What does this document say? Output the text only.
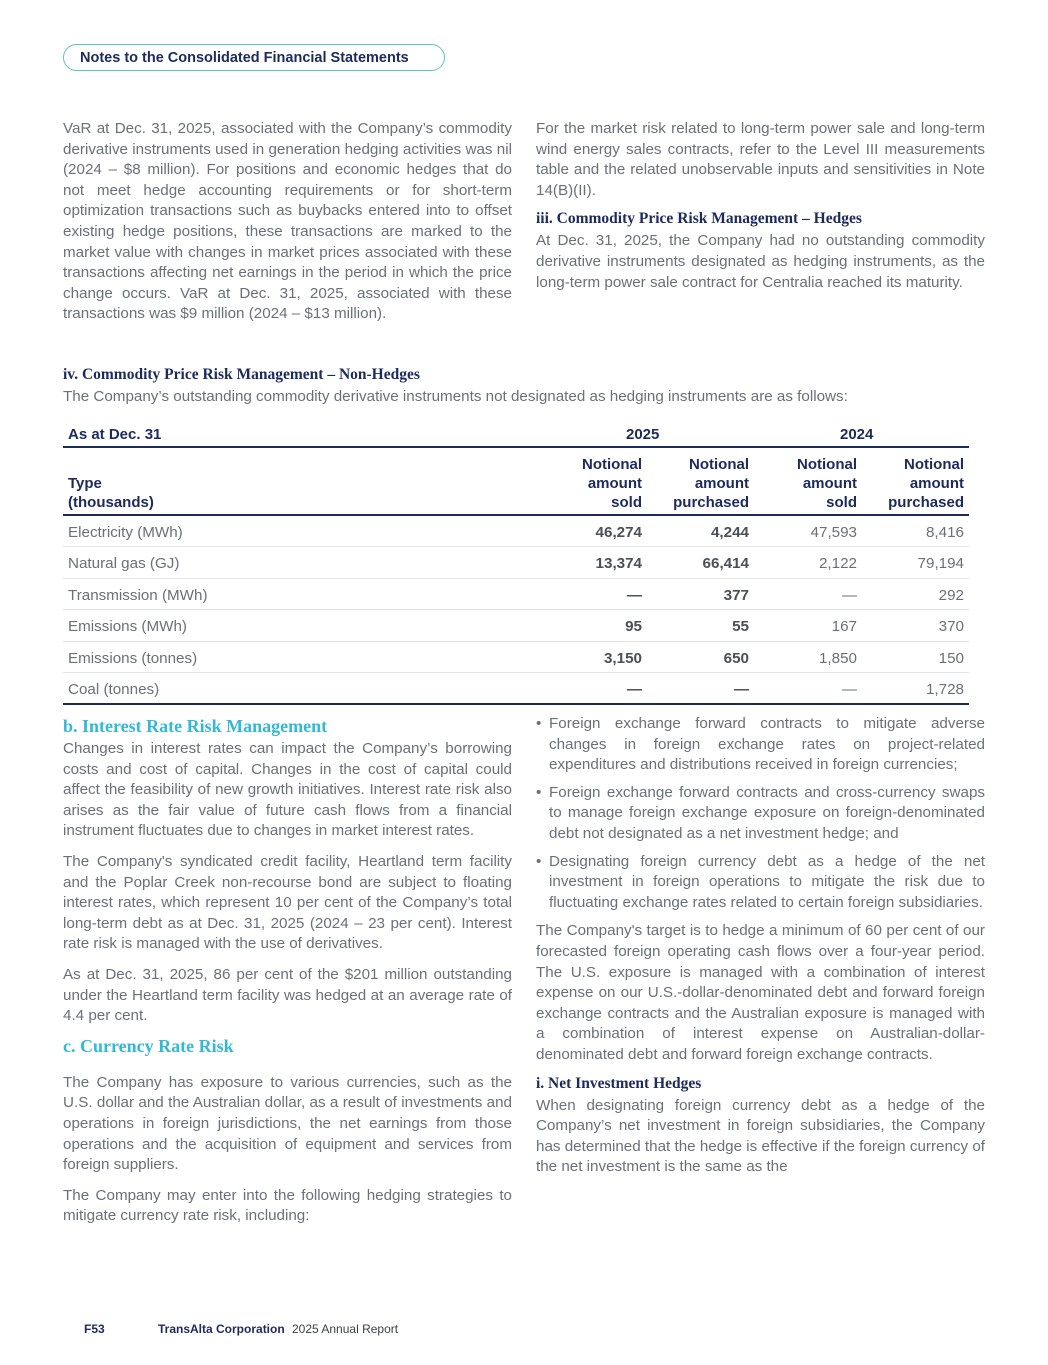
Notes to the Consolidated Financial Statements

VaR at Dec. 31, 2025, associated with the Company’s commodity derivative instruments used in generation hedging activities was nil (2024 – $8 million). For positions and economic hedges that do not meet hedge accounting requirements or for short-term optimization transactions such as buybacks entered into to offset existing hedge positions, these transactions are marked to the market value with changes in market prices associated with these transactions affecting net earnings in the period in which the price change occurs. VaR at Dec. 31, 2025, associated with these transactions was $9 million (2024 – $13 million).

For the market risk related to long-term power sale and long-term wind energy sales contracts, refer to the Level III measurements table and the related unobservable inputs and sensitivities in Note 14(B)(II).

iii. Commodity Price Risk Management – Hedges

At Dec. 31, 2025, the Company had no outstanding commodity derivative instruments designated as hedging instruments, as the long-term power sale contract for Centralia reached its maturity.

iv. Commodity Price Risk Management – Non-Hedges

The Company’s outstanding commodity derivative instruments not designated as hedging instruments are as follows:

As at Dec. 31	2025	2024
Type
(thousands)
Notional
amount
sold
Notional
amount
purchased
Notional
amount
sold
Notional
amount
purchased
Electricity (MWh)	46,274	4,244	47,593	8,416
Natural gas (GJ)	13,374	66,414	2,122	79,194
Transmission (MWh)	—	377	—	292
Emissions (MWh)	95	55	167	370
Emissions (tonnes)	3,150	650	1,850	150
Coal (tonnes)	—	—	—	1,728
b. Interest Rate Risk Management

Changes in interest rates can impact the Company’s borrowing costs and cost of capital. Changes in the cost of capital could affect the feasibility of new growth initiatives. Interest rate risk also arises as the fair value of future cash flows from a financial instrument fluctuates due to changes in market interest rates.

The Company's syndicated credit facility, Heartland term facility and the Poplar Creek non-recourse bond are subject to floating interest rates, which represent 10 per cent of the Company’s total long-term debt as at Dec. 31, 2025 (2024 – 23 per cent). Interest rate risk is managed with the use of derivatives.

As at Dec. 31, 2025, 86 per cent of the $201 million outstanding under the Heartland term facility was hedged at an average rate of 4.4 per cent.

c. Currency Rate Risk

The Company has exposure to various currencies, such as the U.S. dollar and the Australian dollar, as a result of investments and operations in foreign jurisdictions, the net earnings from those operations and the acquisition of equipment and services from foreign suppliers.

The Company may enter into the following hedging strategies to mitigate currency rate risk, including:

• Foreign exchange forward contracts to mitigate adverse changes in foreign exchange rates on project-related expenditures and distributions received in foreign currencies;
• Foreign exchange forward contracts and cross-currency swaps to manage foreign exchange exposure on foreign-denominated debt not designated as a net investment hedge; and
• Designating foreign currency debt as a hedge of the net investment in foreign operations to mitigate the risk due to fluctuating exchange rates related to certain foreign subsidiaries.

The Company's target is to hedge a minimum of 60 per cent of our forecasted foreign operating cash flows over a four-year period. The U.S. exposure is managed with a combination of interest expense on our U.S.-dollar-denominated debt and forward foreign exchange contracts and the Australian exposure is managed with a combination of interest expense on Australian-dollar-denominated debt and forward foreign exchange contracts.

i. Net Investment Hedges

When designating foreign currency debt as a hedge of the Company’s net investment in foreign subsidiaries, the Company has determined that the hedge is effective if the foreign currency of the net investment is the same as the

F53	TransAlta Corporation 2025 Annual Report
